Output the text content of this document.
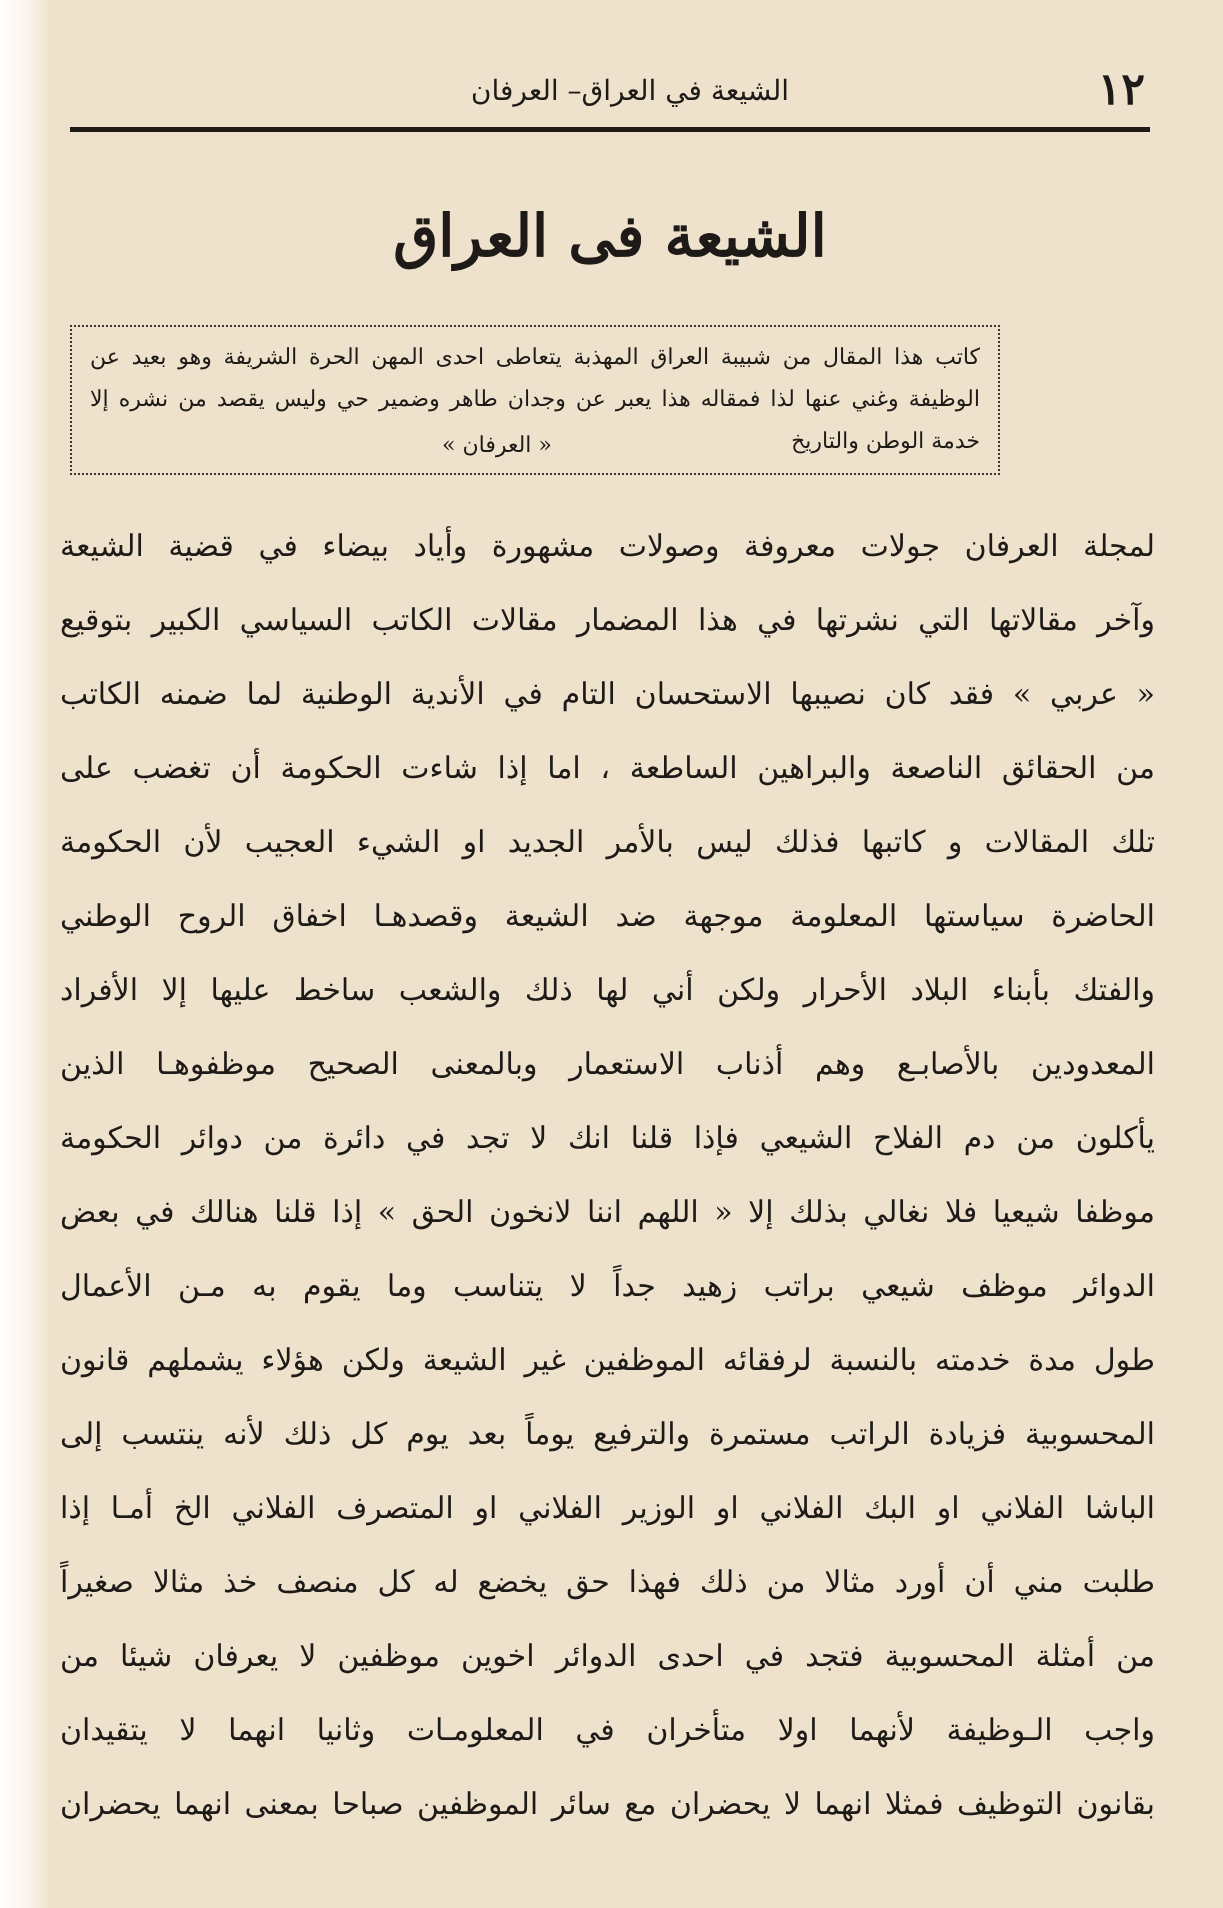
١٢
الشيعة في العراق– العرفان
الشيعة فى العراق
كاتب هذا المقال من شبيبة العراق المهذبة يتعاطى احدى المهن الحرة الشريفة وهو بعيد عن الوظيفة وغني عنها لذا فمقاله هذا يعبر عن وجدان طاهر وضمير حي وليس يقصد من نشره إلا خدمة الوطن والتاريخ
« العرفان »
لمجلة العرفان جولات معروفة وصولات مشهورة وأياد بيضاء في قضية الشيعة
وآخر مقالاتها التي نشرتها في هذا المضمار مقالات الكاتب السياسي الكبير بتوقيع
« عربي » فقد كان نصيبها الاستحسان التام في الأندية الوطنية لما ضمنه الكاتب
من الحقائق الناصعة والبراهين الساطعة ، اما إذا شاءت الحكومة أن تغضب على
تلك المقالات و كاتبها فذلك ليس بالأمر الجديد او الشيء العجيب لأن الحكومة
الحاضرة سياستها المعلومة موجهة ضد الشيعة وقصدهـا اخفاق الروح الوطني
والفتك بأبناء البلاد الأحرار ولكن أني لها ذلك والشعب ساخط عليها إلا الأفراد
المعدودين بالأصابـع وهم أذناب الاستعمار وبالمعنى الصحيح موظفوهـا الذين
يأكلون من دم الفلاح الشيعي فإذا قلنا انك لا تجد في دائرة من دوائر الحكومة
موظفا شيعيا فلا نغالي بذلك إلا « اللهم اننا لانخون الحق » إذا قلنا هنالك في بعض
الدوائر موظف شيعي براتب زهيد جداً لا يتناسب وما يقوم به مـن الأعمال
طول مدة خدمته بالنسبة لرفقائه الموظفين غير الشيعة ولكن هؤلاء يشملهم قانون
المحسوبية فزيادة الراتب مستمرة والترفيع يوماً بعد يوم كل ذلك لأنه ينتسب إلى
الباشا الفلاني او البك الفلاني او الوزير الفلاني او المتصرف الفلاني الخ أمـا إذا
طلبت مني أن أورد مثالا من ذلك فهذا حق يخضع له كل منصف خذ مثالا صغيراً
من أمثلة المحسوبية فتجد في احدى الدوائر اخوين موظفين لا يعرفان شيئا من
واجب الـوظيفة لأنهما اولا متأخران في المعلومـات وثانيا انهما لا يتقيدان
بقانون التوظيف فمثلا انهما لا يحضران مع سائر الموظفين صباحا بمعنى انهما يحضران
